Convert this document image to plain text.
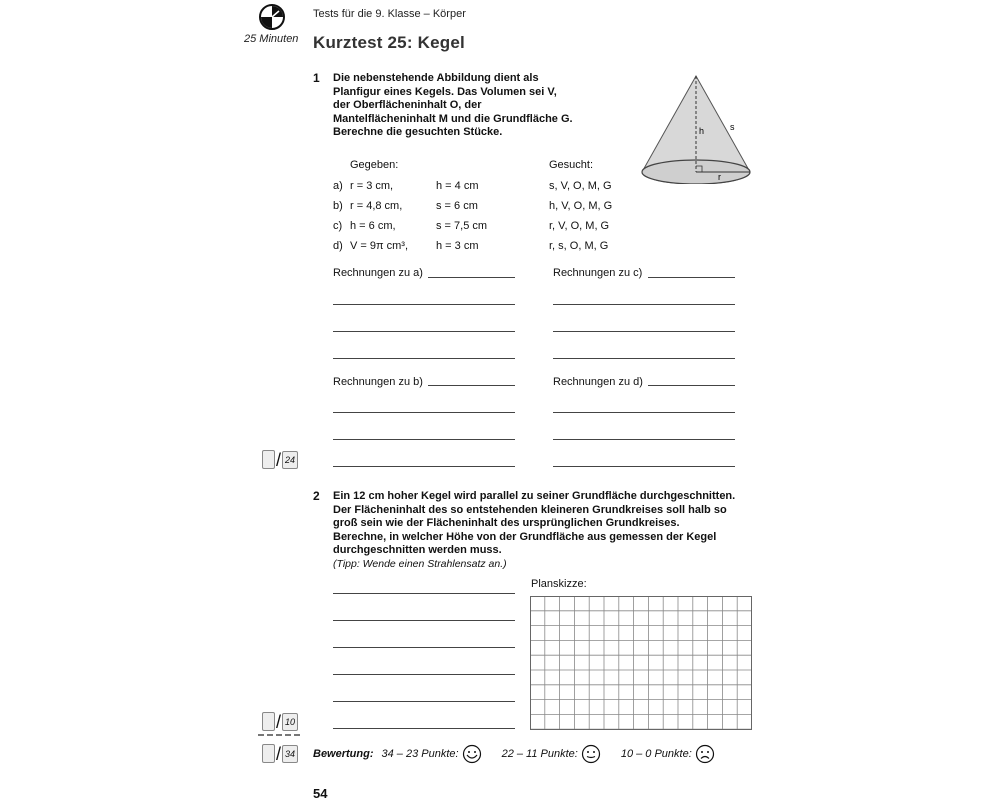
25 Minuten
Tests für die 9. Klasse – Körper
Kurztest 25: Kegel
1 Die nebenstehende Abbildung dient als
Planfigur eines Kegels. Das Volumen sei V,
der Oberflächeninhalt O, der
Mantelflächeninhalt M und die Grundfläche G.
Berechne die gesuchten Stücke.	h	s
r
Gegeben:	Gesucht:
a) r = 3 cm,	h = 4 cm	s, V, O, M, G
b) r = 4,8 cm,	s = 6 cm	h, V, O, M, G
c) h = 6 cm,	s = 7,5 cm	r, V, O, M, G
d) V = 9π cm³,	h = 3 cm	r, s, O, M, G
Rechnungen zu a)	Rechnungen zu c)
Rechnungen zu b)	Rechnungen zu d)
/ 24
2 Ein 12 cm hoher Kegel wird parallel zu seiner Grundfläche durchgeschnitten.
Der Flächeninhalt des so entstehenden kleineren Grundkreises soll halb so
groß sein wie der Flächeninhalt des ursprünglichen Grundkreises.
Berechne, in welcher Höhe von der Grundfläche aus gemessen der Kegel
durchgeschnitten werden muss.
(Tipp: Wende einen Strahlensatz an.)
Planskizze:
/ 10
/ 34 Bewertung: 34 – 23 Punkte:	22 – 11 Punkte:	10 – 0 Punkte:
54
